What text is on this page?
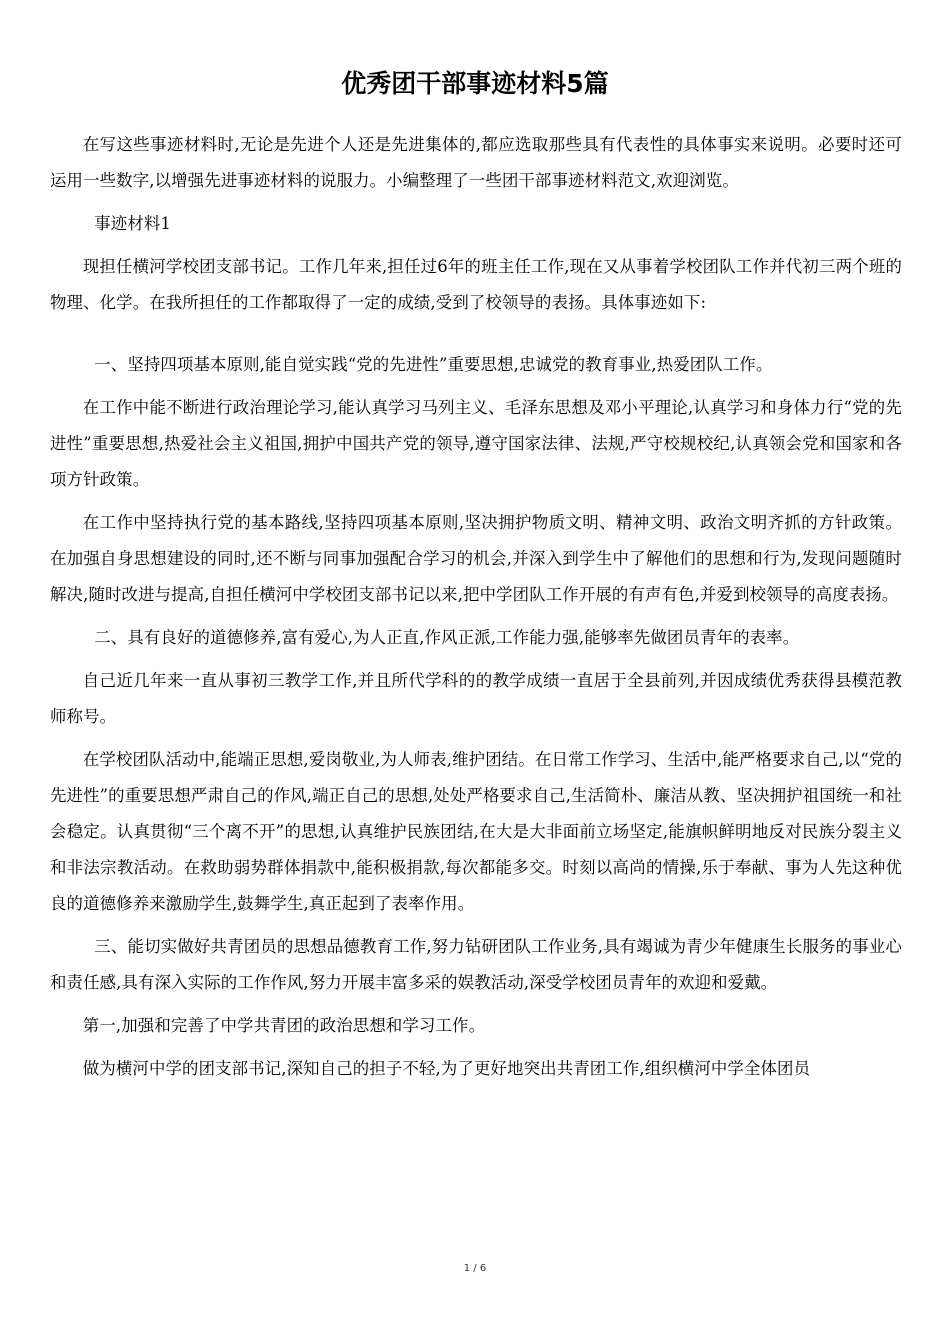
优秀团干部事迹材料5篇

在写这些事迹材料时,无论是先进个人还是先进集体的,都应选取那些具有代表性的具体事实来说明。必要时还可运用一些数字,以增强先进事迹材料的说服力。小编整理了一些团干部事迹材料范文,欢迎浏览。

事迹材料1

现担任横河学校团支部书记。工作几年来,担任过6年的班主任工作,现在又从事着学校团队工作并代初三两个班的物理、化学。在我所担任的工作都取得了一定的成绩,受到了校领导的表扬。具体事迹如下:

一、坚持四项基本原则,能自觉实践“党的先进性”重要思想,忠诚党的教育事业,热爱团队工作。

在工作中能不断进行政治理论学习,能认真学习马列主义、毛泽东思想及邓小平理论,认真学习和身体力行“党的先进性”重要思想,热爱社会主义祖国,拥护中国共产党的领导,遵守国家法律、法规,严守校规校纪,认真领会党和国家和各项方针政策。

在工作中坚持执行党的基本路线,坚持四项基本原则,坚决拥护物质文明、精神文明、政治文明齐抓的方针政策。在加强自身思想建设的同时,还不断与同事加强配合学习的机会,并深入到学生中了解他们的思想和行为,发现问题随时解决,随时改进与提高,自担任横河中学校团支部书记以来,把中学团队工作开展的有声有色,并爱到校领导的高度表扬。

二、具有良好的道德修养,富有爱心,为人正直,作风正派,工作能力强,能够率先做团员青年的表率。

自己近几年来一直从事初三教学工作,并且所代学科的的教学成绩一直居于全县前列,并因成绩优秀获得县模范教师称号。

在学校团队活动中,能端正思想,爱岗敬业,为人师表,维护团结。在日常工作学习、生活中,能严格要求自己,以“党的先进性”的重要思想严肃自己的作风,端正自己的思想,处处严格要求自己,生活简朴、廉洁从教、坚决拥护祖国统一和社会稳定。认真贯彻“三个离不开”的思想,认真维护民族团结,在大是大非面前立场坚定,能旗帜鲜明地反对民族分裂主义和非法宗教活动。在救助弱势群体捐款中,能积极捐款,每次都能多交。时刻以高尚的情操,乐于奉献、事为人先这种优良的道德修养来激励学生,鼓舞学生,真正起到了表率作用。

三、能切实做好共青团员的思想品德教育工作,努力钻研团队工作业务,具有竭诚为青少年健康生长服务的事业心和责任感,具有深入实际的工作作风,努力开展丰富多采的娱教活动,深受学校团员青年的欢迎和爱戴。

第一,加强和完善了中学共青团的政治思想和学习工作。

做为横河中学的团支部书记,深知自己的担子不轻,为了更好地突出共青团工作,组织横河中学全体团员

1 / 6
